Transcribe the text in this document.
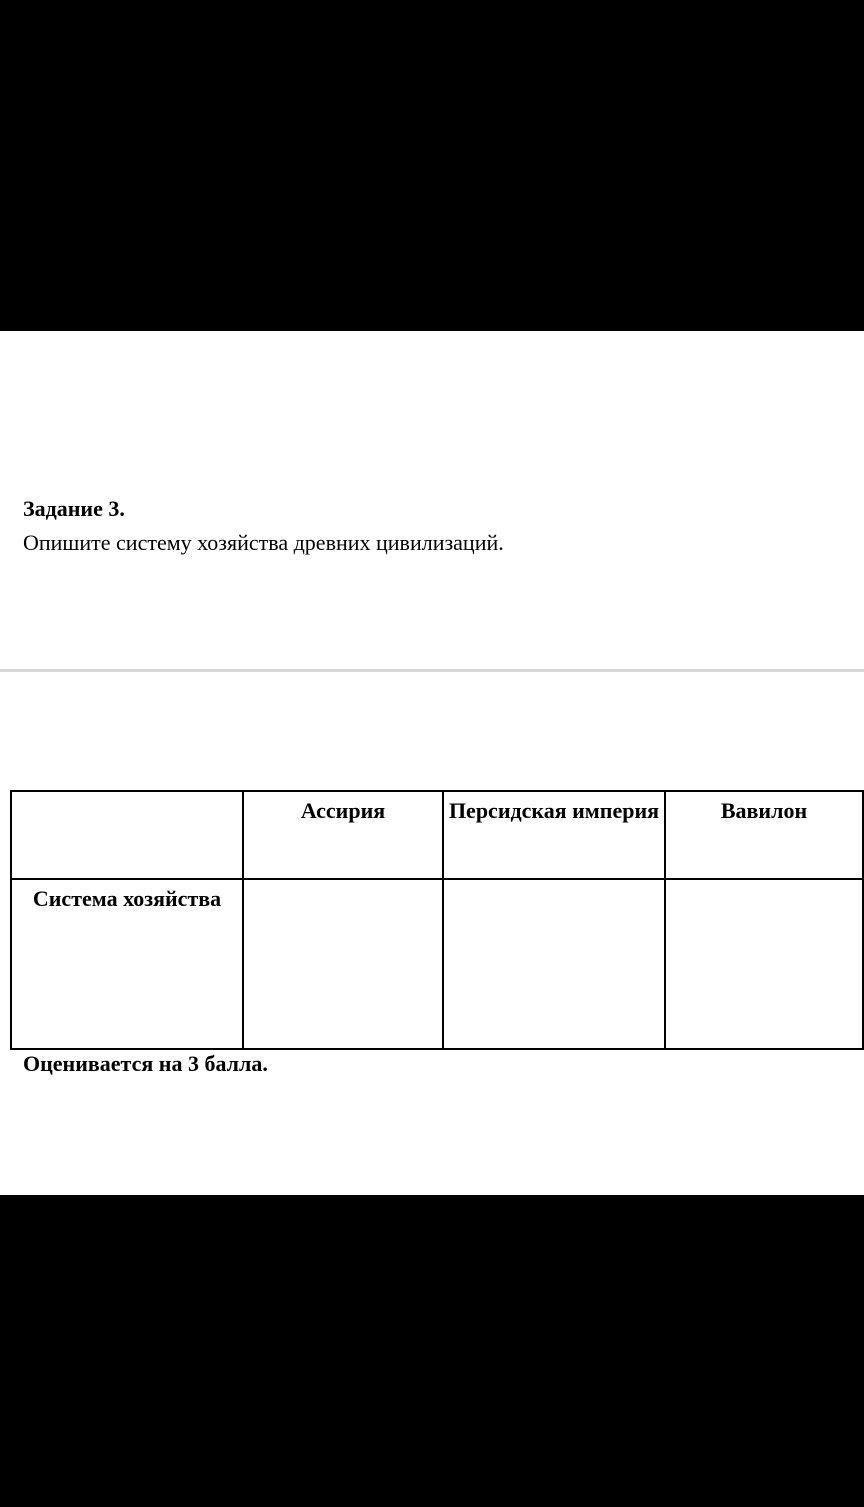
Задание 3.

Опишите систему хозяйства древних цивилизаций.

	Ассирия	Персидская империя	Вавилон
Система хозяйства			

Оценивается на 3 балла.
